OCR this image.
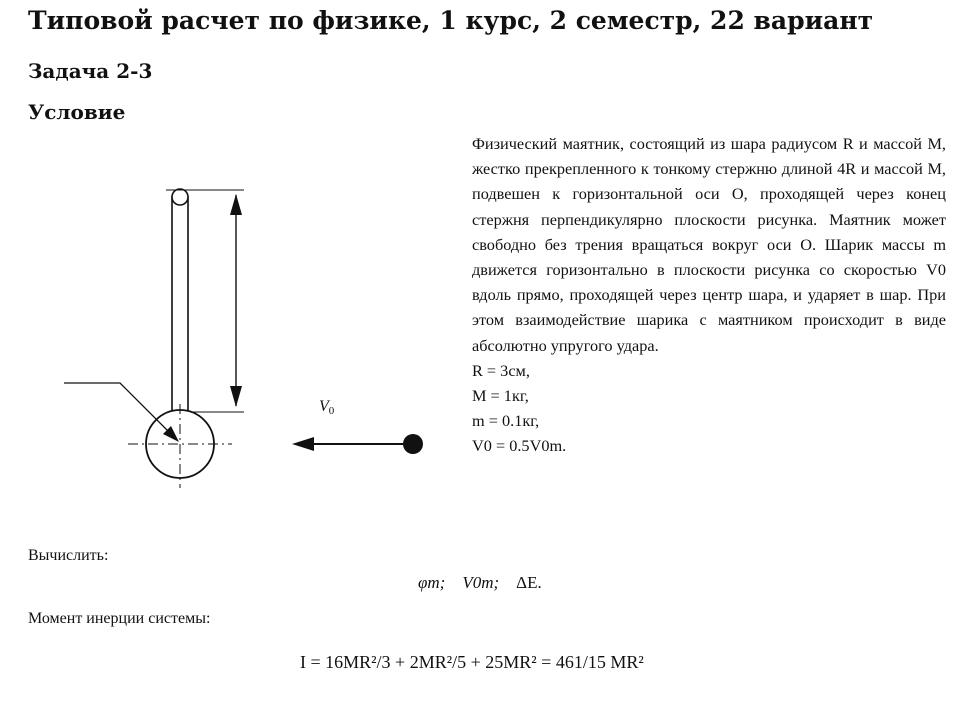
Типовой расчет по физике, 1 курс, 2 семестр, 22 вариант
Задача 2-3
Условие
$V_0$
Физический маятник, состоящий из шара радиусом R и массой M, жестко прекрепленного к тонкому стержню длиной 4R и массой M, подвешен к горизонтальной оси O, проходящей через конец стержня перпендикулярно плоскости рисунка. Маятник может свободно без трения вращаться вокруг оси O. Шарик массы m движется горизонтально в плоскости рисунка со скоростью V0 вдоль прямо, проходящей через центр шара, и ударяет в шар. При этом взаимодействие шарика с маятником происходит в виде абсолютно упругого удара.
R = 3см,
M = 1кг,
m = 0.1кг,
V0 = 0.5V0m.
Вычислить:
φm; V0m; ΔE.
Момент инерции системы:
I = 16MR²/3 + 2MR²/5 + 25MR² = 461/15 MR²
